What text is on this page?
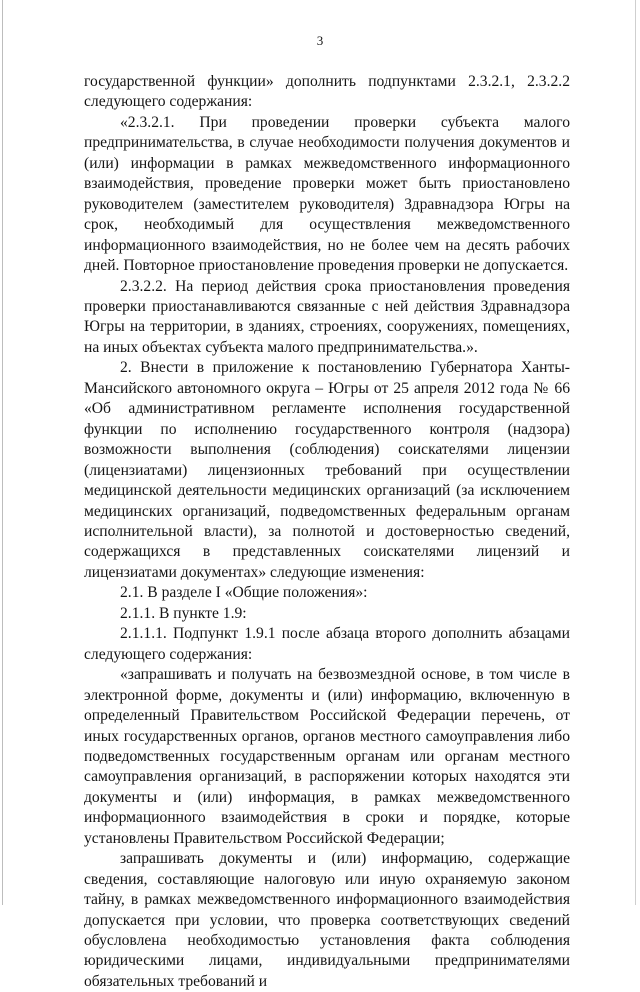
3

государственной функции» дополнить подпунктами 2.3.2.1, 2.3.2.2 следующего содержания:

«2.3.2.1. При проведении проверки субъекта малого предпринимательства, в случае необходимости получения документов и (или) информации в рамках межведомственного информационного взаимодействия, проведение проверки может быть приостановлено руководителем (заместителем руководителя) Здравнадзора Югры на срок, необходимый для осуществления межведомственного информационного взаимодействия, но не более чем на десять рабочих дней. Повторное приостановление проведения проверки не допускается.

2.3.2.2. На период действия срока приостановления проведения проверки приостанавливаются связанные с ней действия Здравнадзора Югры на территории, в зданиях, строениях, сооружениях, помещениях, на иных объектах субъекта малого предпринимательства.».

2. Внести в приложение к постановлению Губернатора Ханты-Мансийского автономного округа – Югры от 25 апреля 2012 года № 66 «Об административном регламенте исполнения государственной функции по исполнению государственного контроля (надзора) возможности выполнения (соблюдения) соискателями лицензии (лицензиатами) лицензионных требований при осуществлении медицинской деятельности медицинских организаций (за исключением медицинских организаций, подведомственных федеральным органам исполнительной власти), за полнотой и достоверностью сведений, содержащихся в представленных соискателями лицензий и лицензиатами документах» следующие изменения:

2.1. В разделе I «Общие положения»:

2.1.1. В пункте 1.9:

2.1.1.1. Подпункт 1.9.1 после абзаца второго дополнить абзацами следующего содержания:

«запрашивать и получать на безвозмездной основе, в том числе в электронной форме, документы и (или) информацию, включенную в определенный Правительством Российской Федерации перечень, от иных государственных органов, органов местного самоуправления либо подведомственных государственным органам или органам местного самоуправления организаций, в распоряжении которых находятся эти документы и (или) информация, в рамках межведомственного информационного взаимодействия в сроки и порядке, которые установлены Правительством Российской Федерации;

запрашивать документы и (или) информацию, содержащие сведения, составляющие налоговую или иную охраняемую законом тайну, в рамках межведомственного информационного взаимодействия допускается при условии, что проверка соответствующих сведений обусловлена необходимостью установления факта соблюдения юридическими лицами, индивидуальными предпринимателями обязательных требований и
